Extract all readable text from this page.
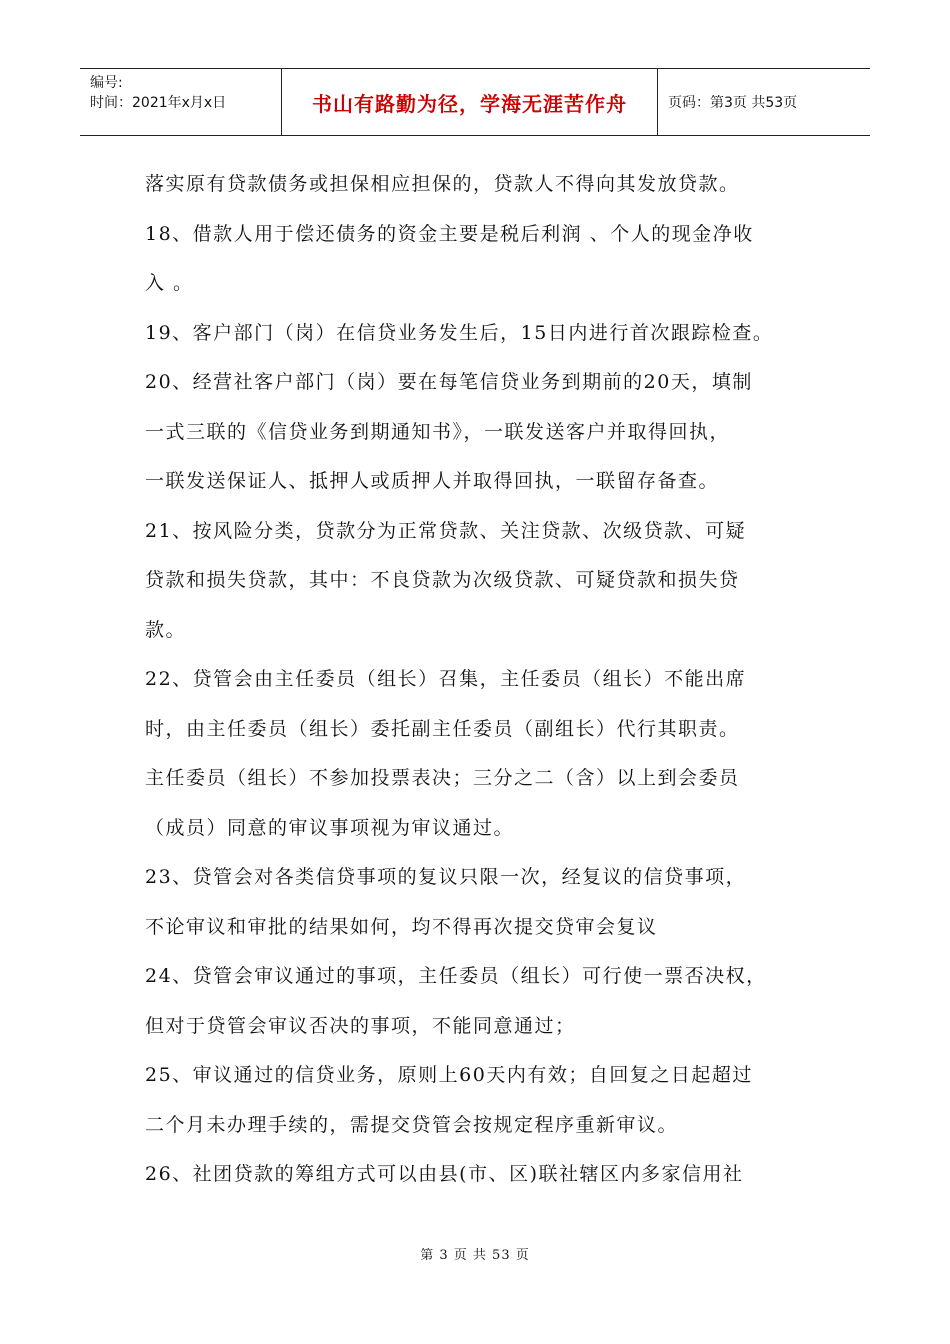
编号:
时间：2021年x月x日	书山有路勤为径，学海无涯苦作舟	页码：第3页 共53页
落实原有贷款债务或担保相应担保的，贷款人不得向其发放贷款。
18、借款人用于偿还债务的资金主要是税后利润 、个人的现金净收
入 。
19、客户部门（岗）在信贷业务发生后，15日内进行首次跟踪检查。
20、经营社客户部门（岗）要在每笔信贷业务到期前的20天，填制
一式三联的《信贷业务到期通知书》，一联发送客户并取得回执，
一联发送保证人、抵押人或质押人并取得回执，一联留存备查。
21、按风险分类，贷款分为正常贷款、关注贷款、次级贷款、可疑
贷款和损失贷款，其中：不良贷款为次级贷款、可疑贷款和损失贷
款。
22、贷管会由主任委员（组长）召集，主任委员（组长）不能出席
时，由主任委员（组长）委托副主任委员（副组长）代行其职责。
主任委员（组长）不参加投票表决；三分之二（含）以上到会委员
（成员）同意的审议事项视为审议通过。
23、贷管会对各类信贷事项的复议只限一次，经复议的信贷事项，
不论审议和审批的结果如何，均不得再次提交贷审会复议
24、贷管会审议通过的事项，主任委员（组长）可行使一票否决权，
但对于贷管会审议否决的事项，不能同意通过；
25、审议通过的信贷业务，原则上60天内有效；自回复之日起超过
二个月未办理手续的，需提交贷管会按规定程序重新审议。
26、社团贷款的筹组方式可以由县(市、区)联社辖区内多家信用社
第 3 页 共 53 页
